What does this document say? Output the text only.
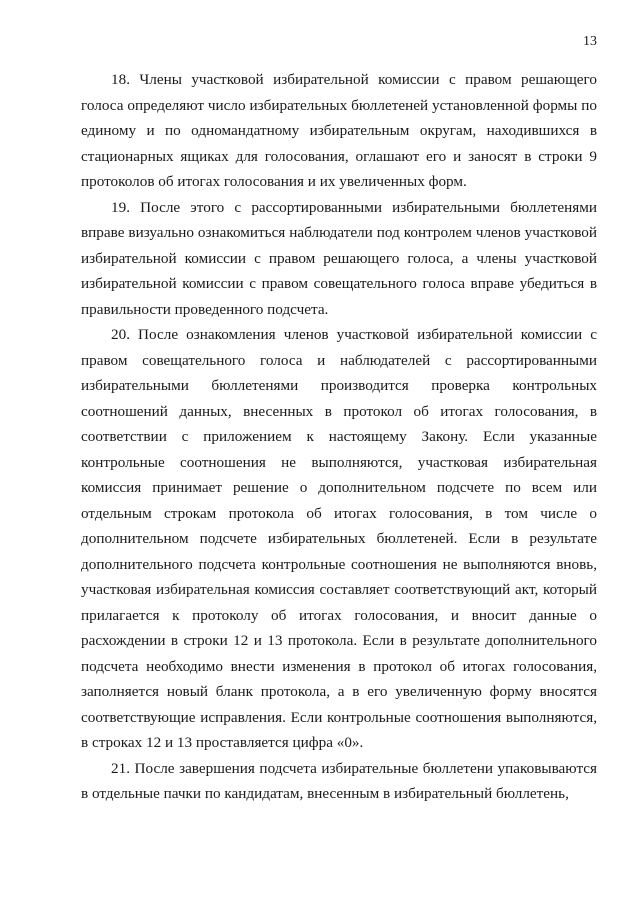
13

18. Члены участковой избирательной комиссии с правом решающего голоса определяют число избирательных бюллетеней установленной формы по единому и по одномандатному избирательным округам, находившихся в стационарных ящиках для голосования, оглашают его и заносят в строки 9 протоколов об итогах голосования и их увеличенных форм.

19. После этого с рассортированными избирательными бюллетенями вправе визуально ознакомиться наблюдатели под контролем членов участковой избирательной комиссии с правом решающего голоса, а члены участковой избирательной комиссии с правом совещательного голоса вправе убедиться в правильности проведенного подсчета.

20. После ознакомления членов участковой избирательной комиссии с правом совещательного голоса и наблюдателей с рассортированными избирательными бюллетенями производится проверка контрольных соотношений данных, внесенных в протокол об итогах голосования, в соответствии с приложением к настоящему Закону. Если указанные контрольные соотношения не выполняются, участковая избирательная комиссия принимает решение о дополнительном подсчете по всем или отдельным строкам протокола об итогах голосования, в том числе о дополнительном подсчете избирательных бюллетеней. Если в результате дополнительного подсчета контрольные соотношения не выполняются вновь, участковая избирательная комиссия составляет соответствующий акт, который прилагается к протоколу об итогах голосования, и вносит данные о расхождении в строки 12 и 13 протокола. Если в результате дополнительного подсчета необходимо внести изменения в протокол об итогах голосования, заполняется новый бланк протокола, а в его увеличенную форму вносятся соответствующие исправления. Если контрольные соотношения выполняются, в строках 12 и 13 проставляется цифра «0».

21. После завершения подсчета избирательные бюллетени упаковываются в отдельные пачки по кандидатам, внесенным в избирательный бюллетень,
